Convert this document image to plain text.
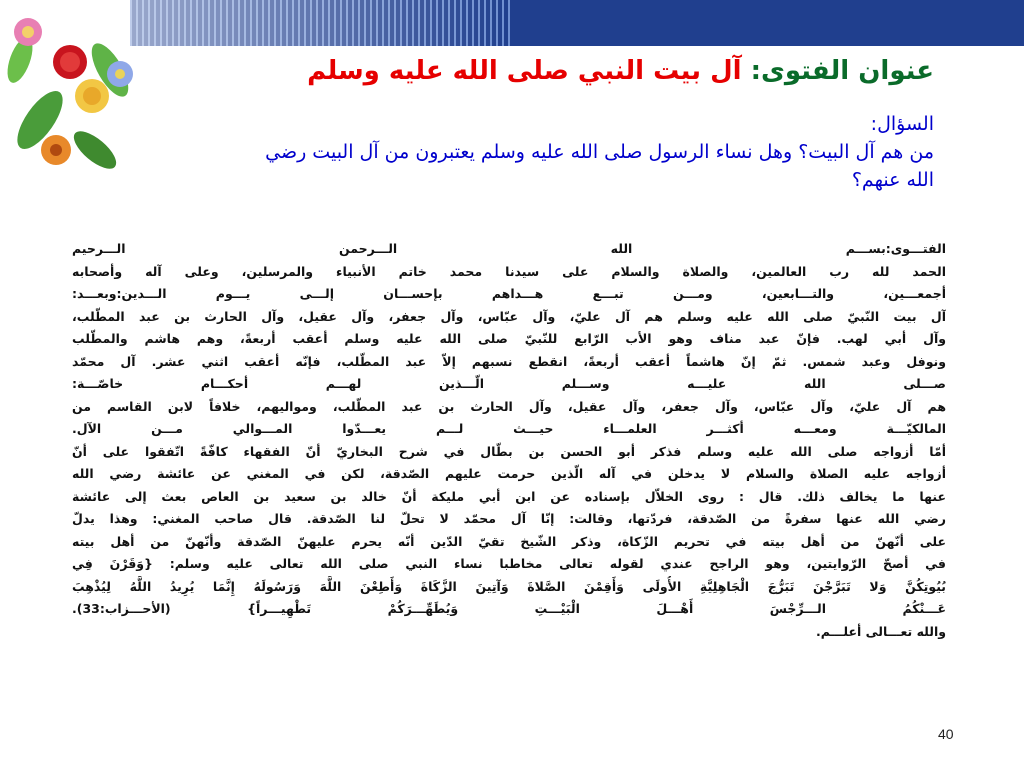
عنوان الفتوى: آل بيت النبي صلى الله عليه وسلم
السؤال:
من هم آل البيت؟ وهل نساء الرسول صلى الله عليه وسلم يعتبرون من آل البيت رضي
الله عنهم؟
الفتـــوى:بســـم الله الـــرحمن الـــرحيم
الحمد لله رب العالمين، والصلاة والسلام على سيدنا محمد خاتم الأنبياء والمرسلين، وعلى آله وأصحابه
أجمعـــين، والتـــابعين، ومـــن تبـــع هـــداهم بإحســـان إلـــى يـــوم الـــدين:وبعـــد:
آل بيت النّبيّ صلى الله عليه وسلم هم آل عليّ، وآل عبّاس، وآل جعفر، وآل عقيل، وآل الحارث بن عبد المطّلب،
وآل أبي لهب. فإنّ عبد مناف وهو الأب الرّابع للنّبيّ صلى الله عليه وسلم أعقب أربعةً، وهم هاشم والمطّلب
ونوفل وعبد شمس. ثمّ إنّ هاشماً أعقب أربعةً، انقطع نسبهم إلاّ عبد المطّلب، فإنّه أعقب اثني عشر. آل محمّد
صـــلى الله عليـــه وســـلم الّـــذين لهـــم أحكـــام خاصّـــة:
هم آل عليّ، وآل عبّاس، وآل جعفر، وآل عقيل، وآل الحارث بن عبد المطّلب، ومواليهم، خلافاً لابن القاسم من
المالكيّـــة ومعـــه أكثـــر العلمـــاء حيـــث لـــم يعـــدّوا المـــوالي مـــن الآل.
أمّا أزواجه صلى الله عليه وسلم فذكر أبو الحسن بن بطّال في شرح البخاريّ أنّ الفقهاء كافّةً اتّفقوا على أنّ
أزواجه عليه الصلاة والسلام لا يدخلن في آله الّذين حرمت عليهم الصّدقة، لكن في المغني عن عائشة رضي الله
عنها ما يخالف ذلك. قال : روى الخلاّل بإسناده عن ابن أبي مليكة أنّ خالد بن سعيد بن العاص بعث إلى عائشة
رضي الله عنها سفرةً من الصّدقة، فردّتها، وقالت: إنّا آل محمّد لا تحلّ لنا الصّدقة. قال صاحب المغني: وهذا يدلّ
على أنّهنّ من أهل بيته في تحريم الزّكاة، وذكر الشّيخ تقيّ الدّين أنّه يحرم عليهنّ الصّدقة وأنّهنّ من أهل بيته
في أصحّ الرّوايتين، وهو الراجح عندي لقوله تعالى مخاطبا نساء النبي صلى الله تعالى عليه وسلم: {وَقَرْنَ فِي
بُيُوتِكُنَّ وَلا تَبَرَّجْنَ تَبَرُّجَ الْجَاهِلِيَّةِ الأُولَى وَأَقِمْنَ الصَّلاةَ وَآتِينَ الزَّكَاةَ وَأَطِعْنَ اللَّهَ وَرَسُولَهُ إِنَّمَا يُرِيدُ اللَّهُ لِيُذْهِبَ
عَـــنْكُمُ الـــرِّجْسَ أَهْـــلَ الْبَيْـــتِ وَيُطَهِّـــرَكُمْ تَطْهِيـــراً} (الأحـــزاب:33).
والله تعـــالى أعلـــم.
40
